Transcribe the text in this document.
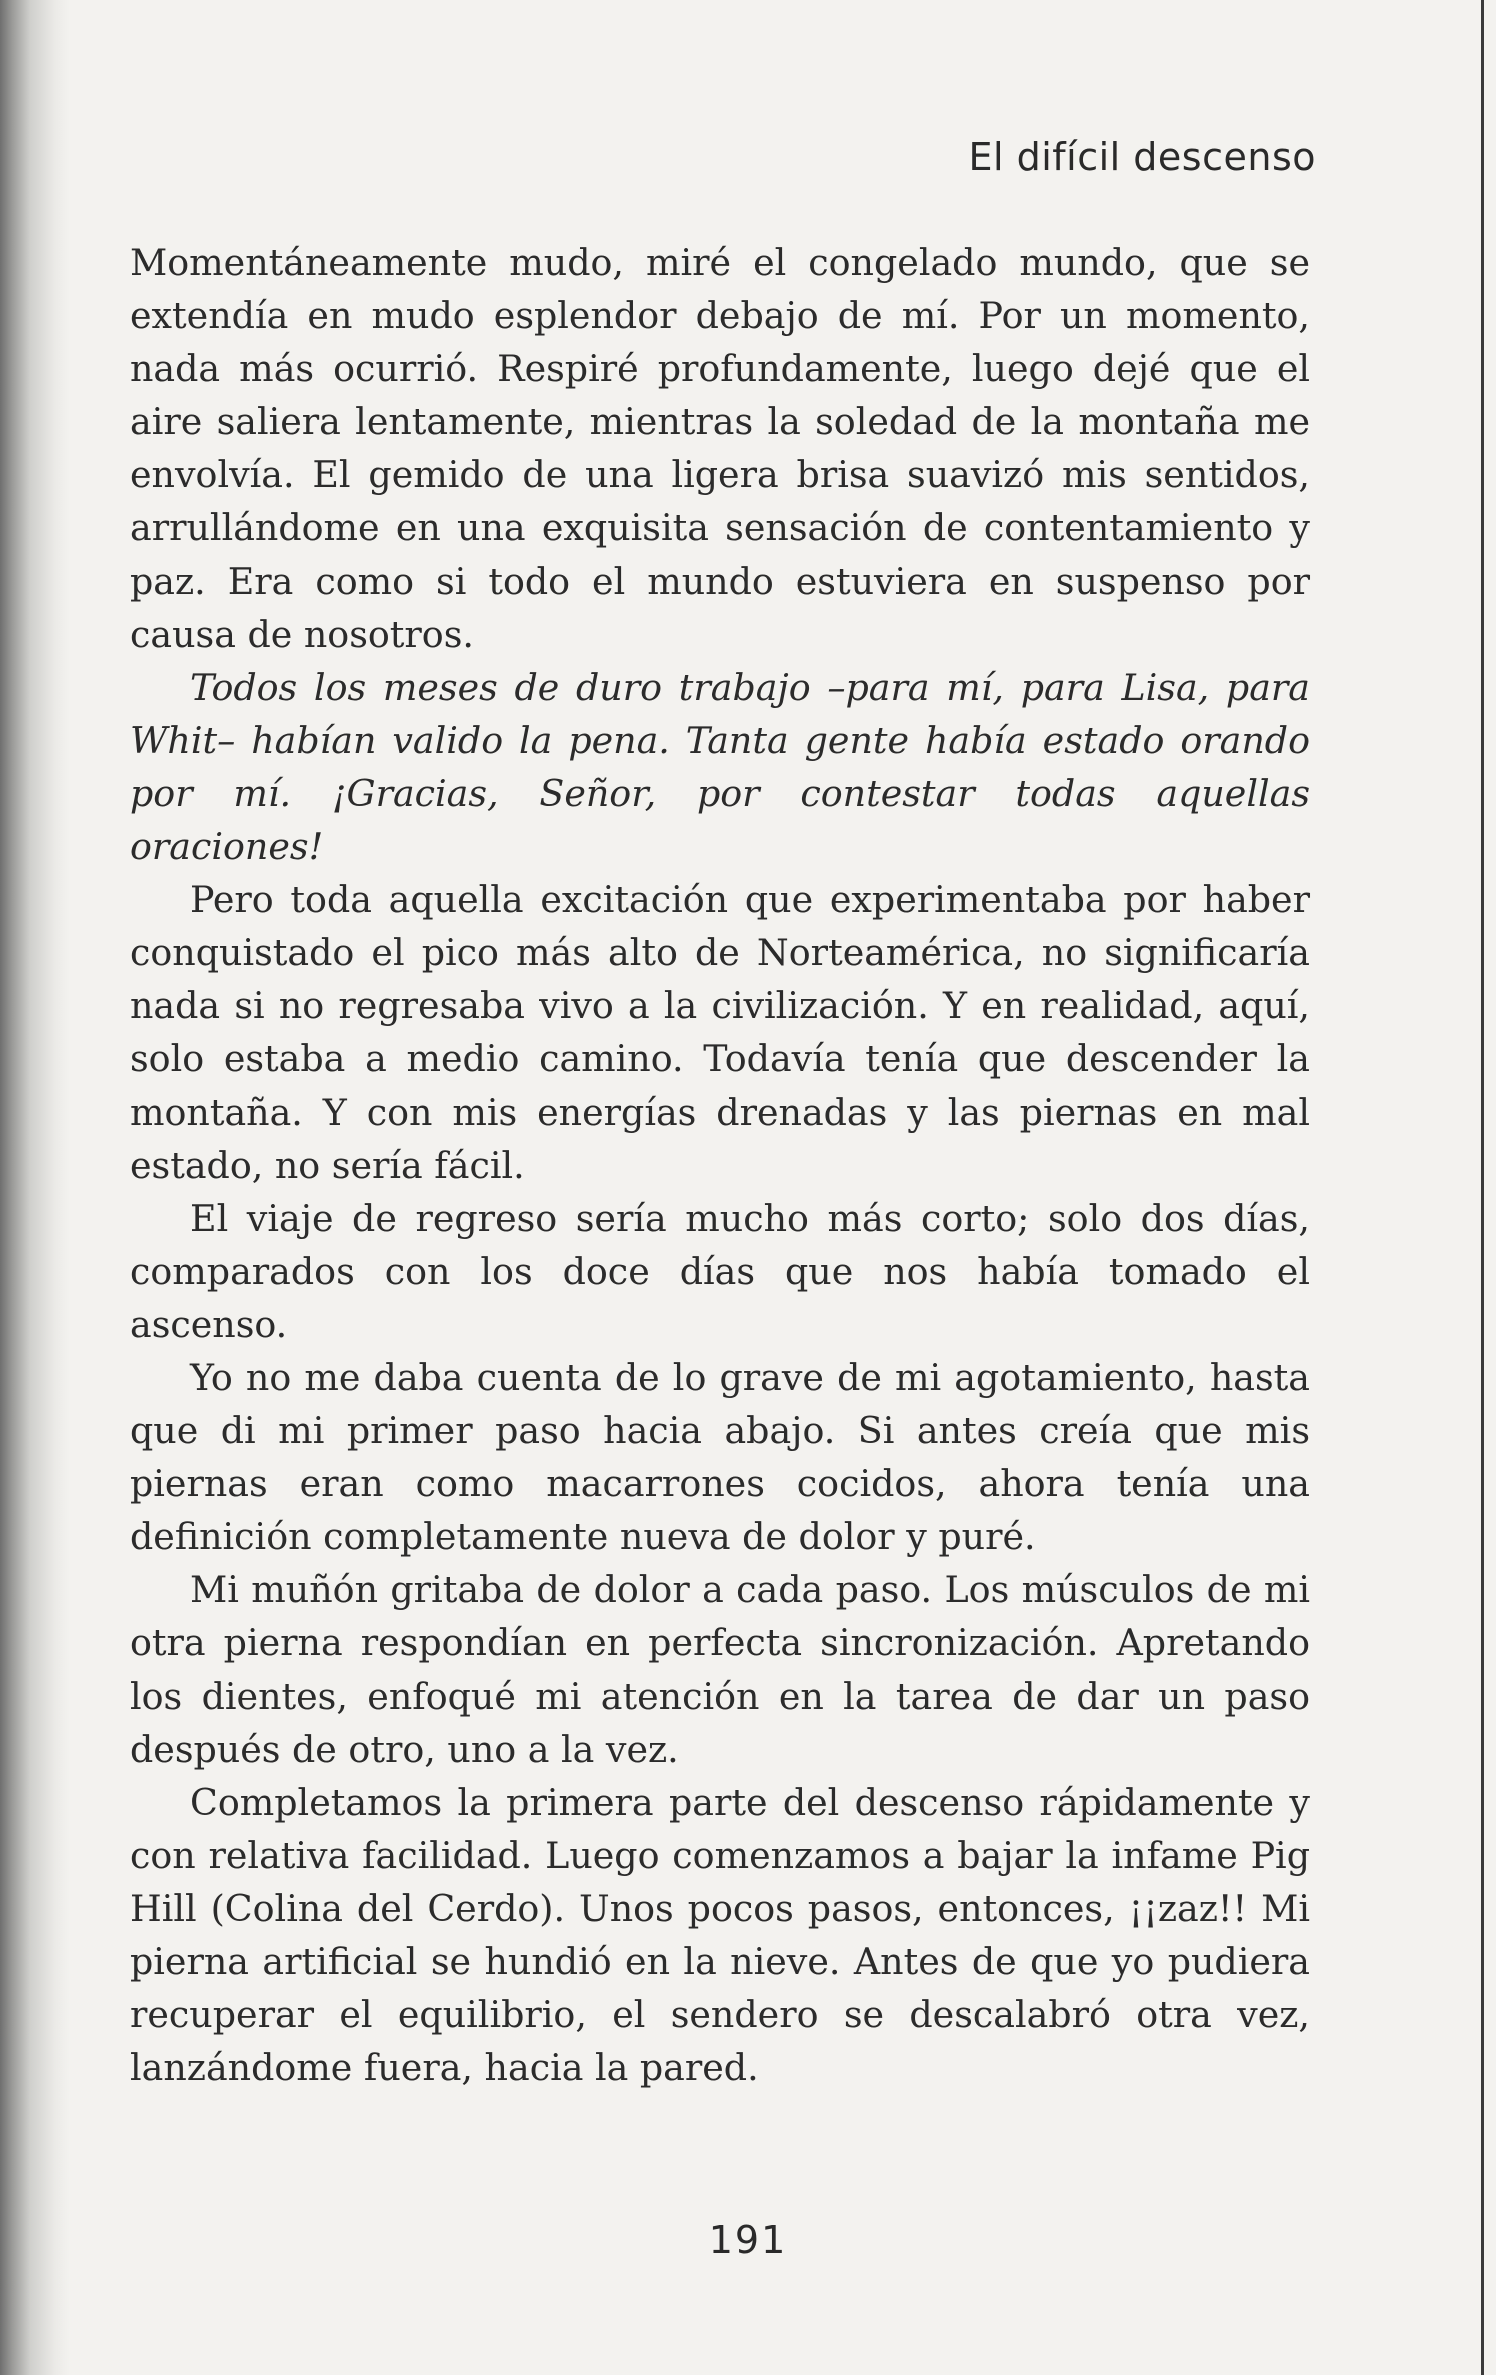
El difícil descenso

Momentáneamente mudo, miré el congelado mundo, que se extendía en mudo esplendor debajo de mí. Por un momento, nada más ocurrió. Respiré profundamente, luego dejé que el aire saliera lentamente, mientras la soledad de la montaña me envolvía. El gemido de una ligera brisa suavizó mis sentidos, arrullándome en una exquisita sensación de contentamiento y paz. Era como si todo el mundo estuviera en suspenso por causa de nosotros.

Todos los meses de duro trabajo –para mí, para Lisa, para Whit– habían valido la pena. Tanta gente había estado orando por mí. ¡Gracias, Señor, por contestar todas aquellas oraciones!

Pero toda aquella excitación que experimentaba por haber conquistado el pico más alto de Norteamérica, no significaría nada si no regresaba vivo a la civilización. Y en realidad, aquí, solo estaba a medio camino. Todavía tenía que descender la montaña. Y con mis energías drenadas y las piernas en mal estado, no sería fácil.

El viaje de regreso sería mucho más corto; solo dos días, comparados con los doce días que nos había tomado el ascenso.

Yo no me daba cuenta de lo grave de mi agotamiento, hasta que di mi primer paso hacia abajo. Si antes creía que mis piernas eran como macarrones cocidos, ahora tenía una definición completamente nueva de dolor y puré.

Mi muñón gritaba de dolor a cada paso. Los músculos de mi otra pierna respondían en perfecta sincronización. Apretando los dientes, enfoqué mi atención en la tarea de dar un paso después de otro, uno a la vez.

Completamos la primera parte del descenso rápidamente y con relativa facilidad. Luego comenzamos a bajar la infame Pig Hill (Colina del Cerdo). Unos pocos pasos, entonces, ¡¡zaz!! Mi pierna artificial se hundió en la nieve. Antes de que yo pudiera recuperar el equilibrio, el sendero se descalabró otra vez, lanzándome fuera, hacia la pared.

191
